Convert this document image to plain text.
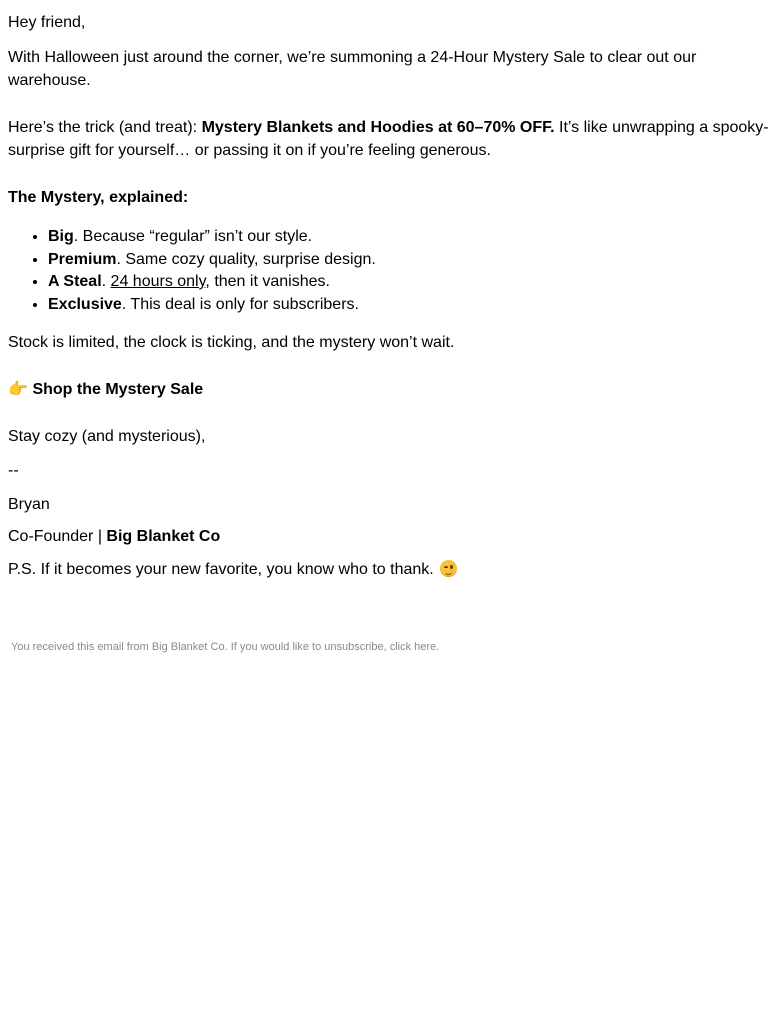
Hey friend,

With Halloween just around the corner, we’re summoning a 24-Hour Mystery Sale to clear out our warehouse.

Here’s the trick (and treat): Mystery Blankets and Hoodies at 60–70% OFF. It’s like unwrapping a spooky-surprise gift for yourself… or passing it on if you’re feeling generous.

The Mystery, explained:

• Big. Because “regular” isn’t our style.
• Premium. Same cozy quality, surprise design.
• A Steal. 24 hours only, then it vanishes.
• Exclusive. This deal is only for subscribers.

Stock is limited, the clock is ticking, and the mystery won’t wait.

👉 Shop the Mystery Sale

Stay cozy (and mysterious),

--

Bryan

Co-Founder | Big Blanket Co

P.S. If it becomes your new favorite, you know who to thank.

You received this email from Big Blanket Co. If you would like to unsubscribe, click here.
